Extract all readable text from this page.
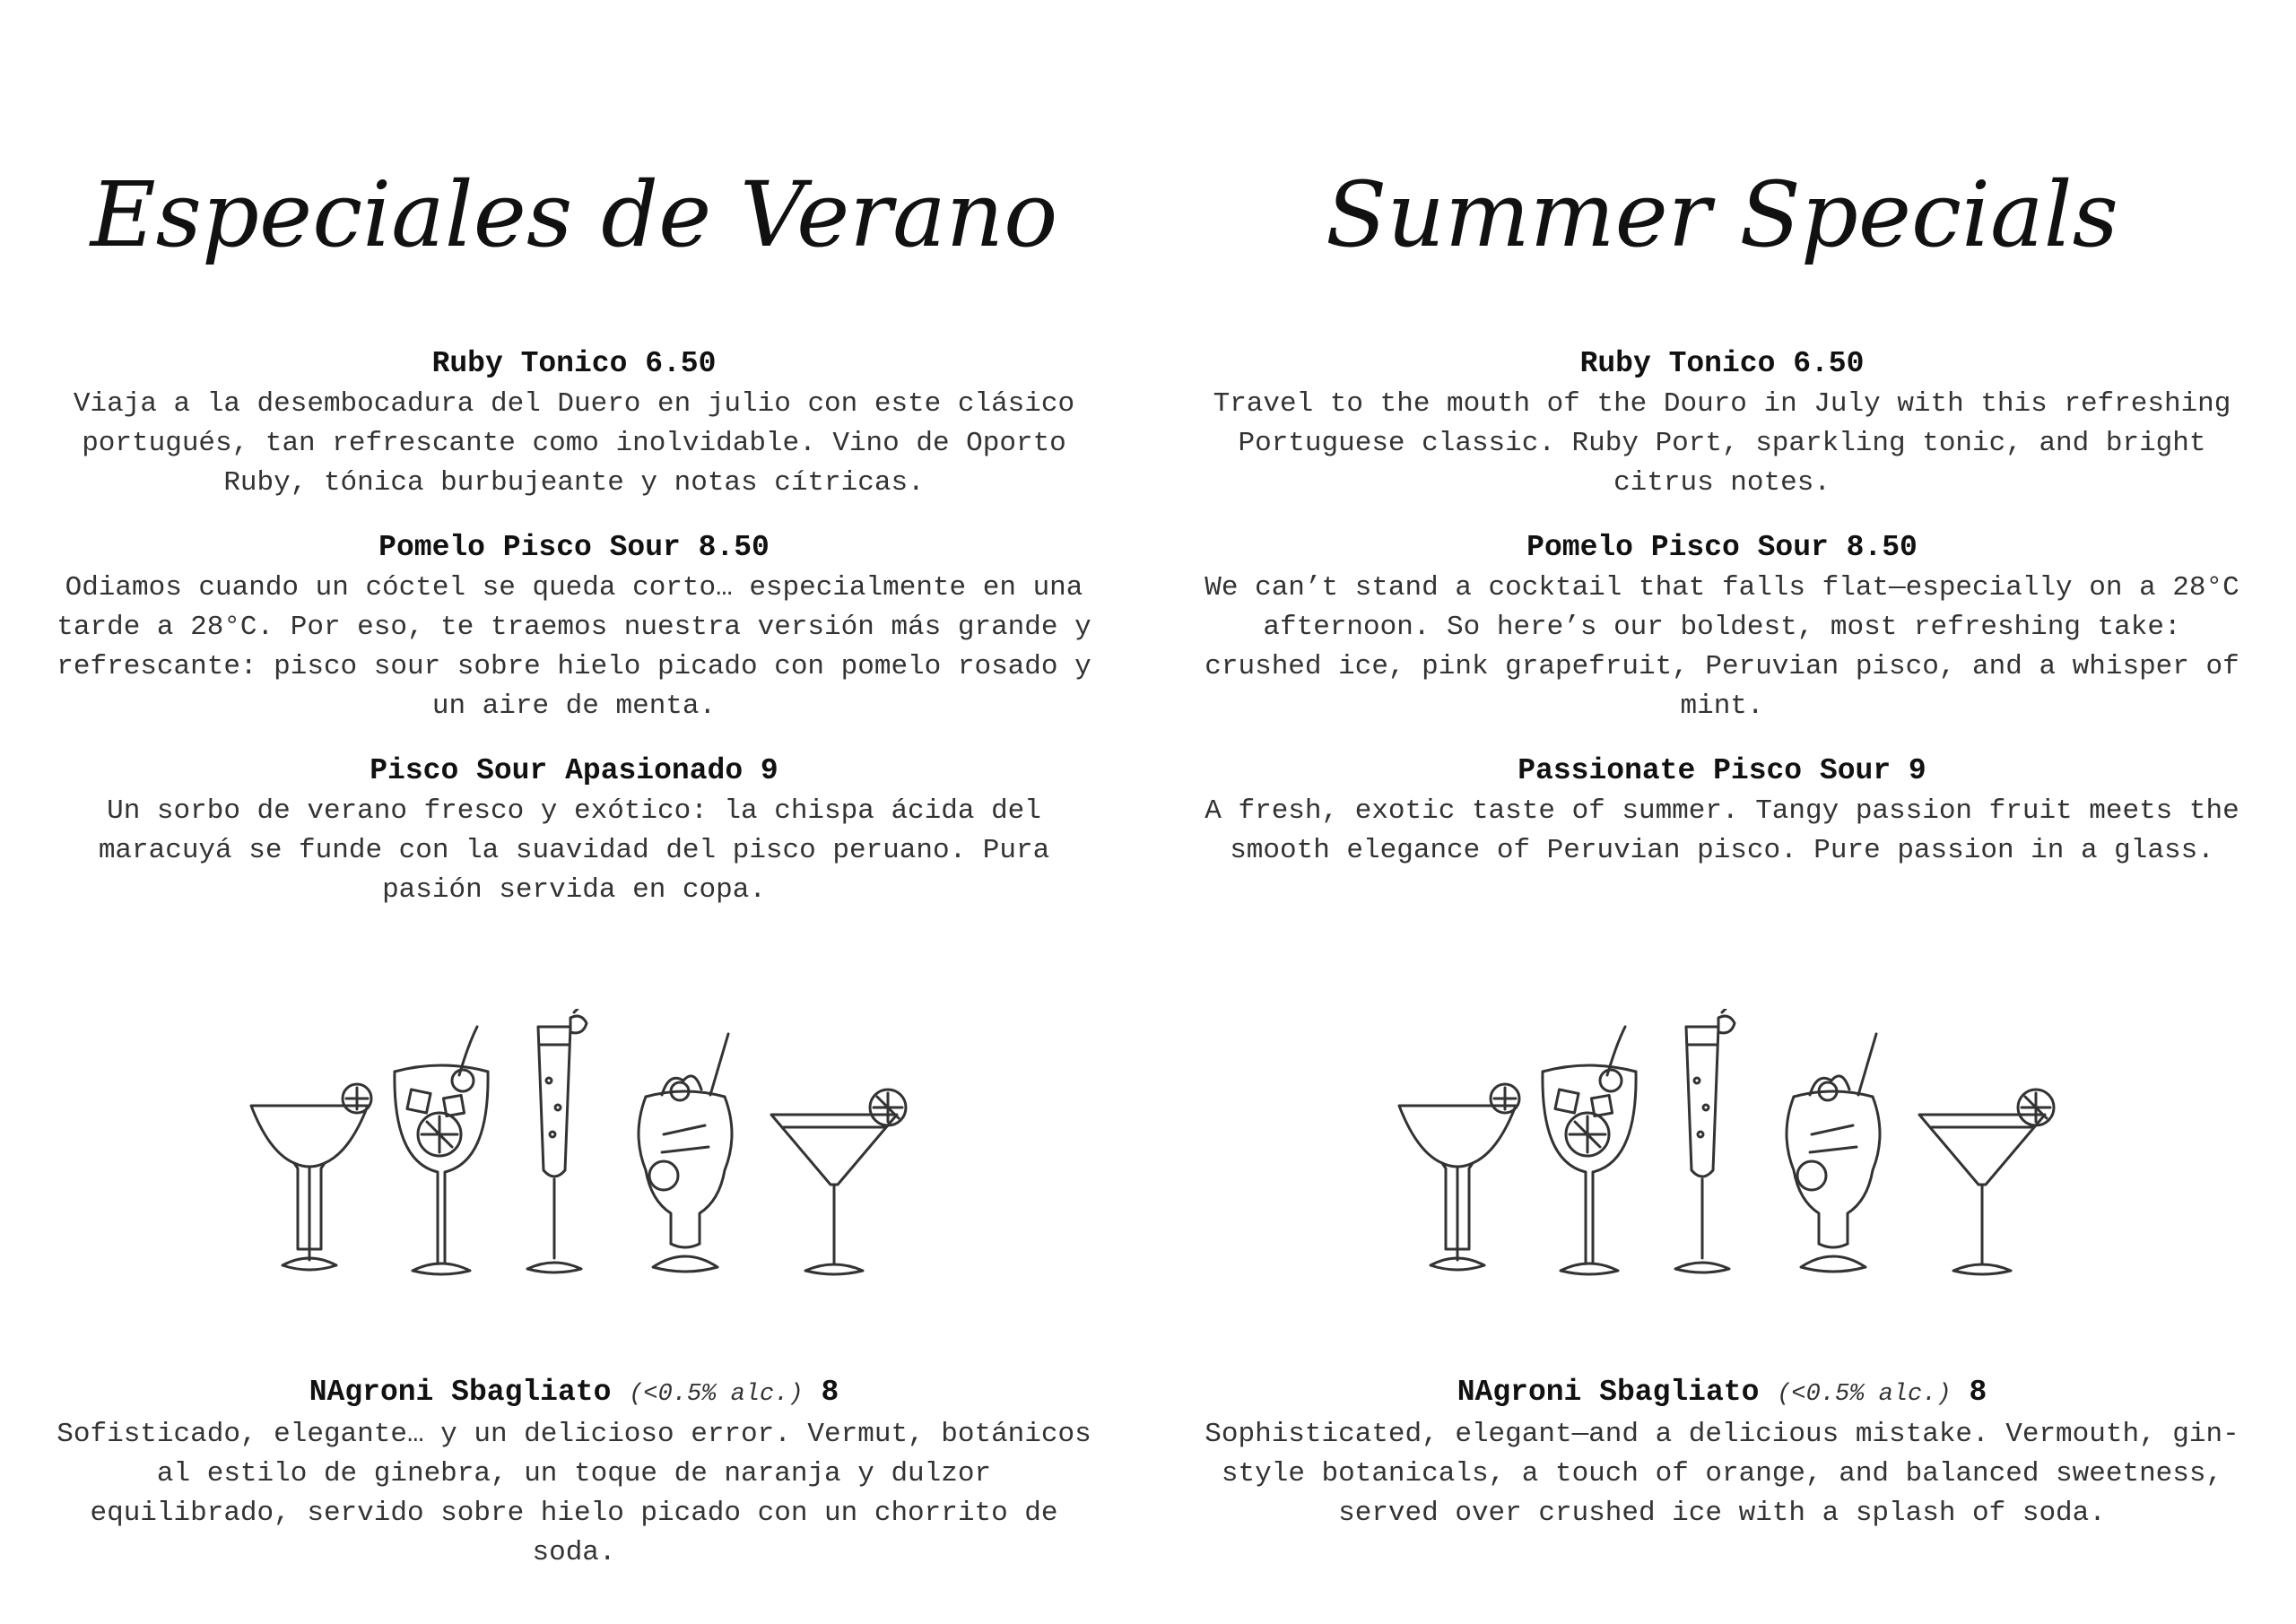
Especiales de Verano
Ruby Tonico 6.50

Viaja a la desembocadura del Duero en julio con este clásico portugués, tan refrescante como inolvidable. Vino de Oporto Ruby, tónica burbujeante y notas cítricas.

Pomelo Pisco Sour 8.50

Odiamos cuando un cóctel se queda corto… especialmente en una tarde a 28°C. Por eso, te traemos nuestra versión más grande y refrescante: pisco sour sobre hielo picado con pomelo rosado y un aire de menta.

Pisco Sour Apasionado 9

Un sorbo de verano fresco y exótico: la chispa ácida del maracuyá se funde con la suavidad del pisco peruano. Pura pasión servida en copa.

NAgroni Sbagliato (<0.5% alc.) 8

Sofisticado, elegante… y un delicioso error. Vermut, botánicos al estilo de ginebra, un toque de naranja y dulzor equilibrado, servido sobre hielo picado con un chorrito de soda.

Summer Specials
Ruby Tonico 6.50

Travel to the mouth of the Douro in July with this refreshing Portuguese classic. Ruby Port, sparkling tonic, and bright citrus notes.

Pomelo Pisco Sour 8.50

We can’t stand a cocktail that falls flat—especially on a 28°C afternoon. So here’s our boldest, most refreshing take: crushed ice, pink grapefruit, Peruvian pisco, and a whisper of mint.

Passionate Pisco Sour 9

A fresh, exotic taste of summer. Tangy passion fruit meets the smooth elegance of Peruvian pisco. Pure passion in a glass.

NAgroni Sbagliato (<0.5% alc.) 8

Sophisticated, elegant—and a delicious mistake. Vermouth, gin-style botanicals, a touch of orange, and balanced sweetness, served over crushed ice with a splash of soda.
